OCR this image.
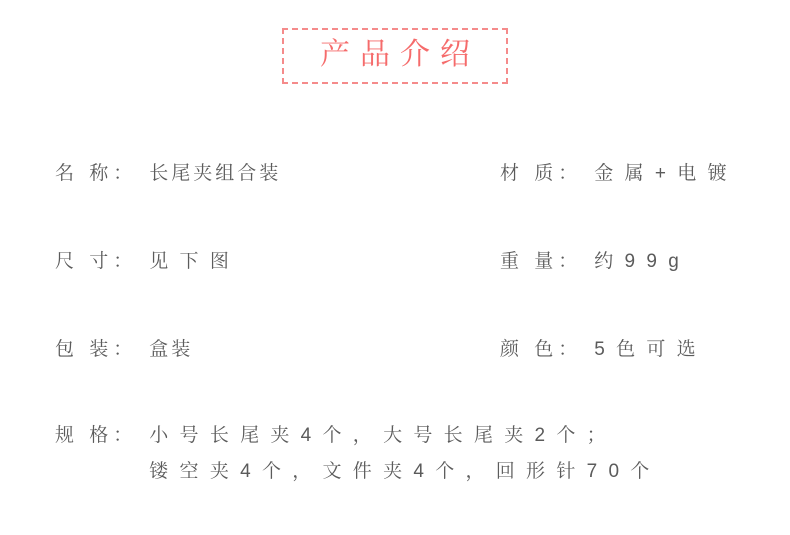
产品介绍
名 称： 长尾夹组合装	材 质： 金 属 + 电 镀
尺 寸： 见 下 图	重 量： 约 9 9 g
包 装： 盒装	颜 色： 5 色 可 选
规 格： 小 号 长 尾 夹 4 个 ， 大 号 长 尾 夹 2 个 ；
镂 空 夹 4 个 ， 文 件 夹 4 个 ， 回 形 针 7 0 个
